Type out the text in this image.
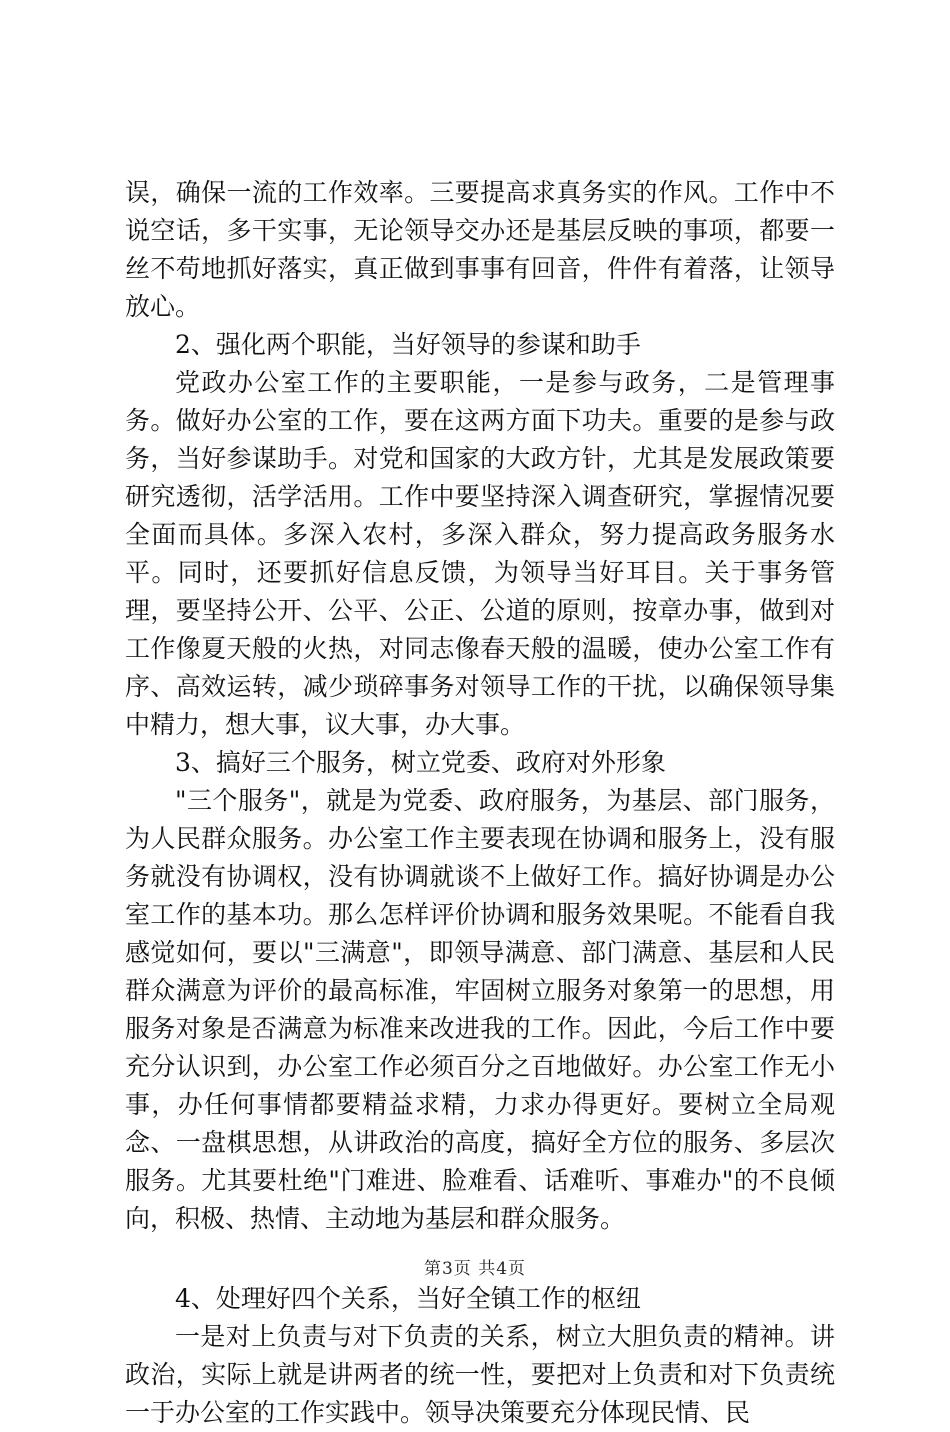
误，确保一流的工作效率。三要提高求真务实的作风。工作中不说空话，多干实事，无论领导交办还是基层反映的事项，都要一丝不苟地抓好落实，真正做到事事有回音，件件有着落，让领导放心。

2、强化两个职能，当好领导的参谋和助手

党政办公室工作的主要职能，一是参与政务，二是管理事务。做好办公室的工作，要在这两方面下功夫。重要的是参与政务，当好参谋助手。对党和国家的大政方针，尤其是发展政策要研究透彻，活学活用。工作中要坚持深入调查研究，掌握情况要全面而具体。多深入农村，多深入群众，努力提高政务服务水平。同时，还要抓好信息反馈，为领导当好耳目。关于事务管理，要坚持公开、公平、公正、公道的原则，按章办事，做到对工作像夏天般的火热，对同志像春天般的温暖，使办公室工作有序、高效运转，减少琐碎事务对领导工作的干扰，以确保领导集中精力，想大事，议大事，办大事。

3、搞好三个服务，树立党委、政府对外形象

"三个服务"，就是为党委、政府服务，为基层、部门服务，为人民群众服务。办公室工作主要表现在协调和服务上，没有服务就没有协调权，没有协调就谈不上做好工作。搞好协调是办公室工作的基本功。那么怎样评价协调和服务效果呢。不能看自我感觉如何，要以"三满意"，即领导满意、部门满意、基层和人民群众满意为评价的最高标准，牢固树立服务对象第一的思想，用服务对象是否满意为标准来改进我的工作。因此，今后工作中要充分认识到，办公室工作必须百分之百地做好。办公室工作无小事，办任何事情都要精益求精，力求办得更好。要树立全局观念、一盘棋思想，从讲政治的高度，搞好全方位的服务、多层次服务。尤其要杜绝"门难进、脸难看、话难听、事难办"的不良倾向，积极、热情、主动地为基层和群众服务。

4、处理好四个关系，当好全镇工作的枢纽

一是对上负责与对下负责的关系，树立大胆负责的精神。讲政治，实际上就是讲两者的统一性，要把对上负责和对下负责统一于办公室的工作实践中。领导决策要充分体现民情、民

第3页 共4页
